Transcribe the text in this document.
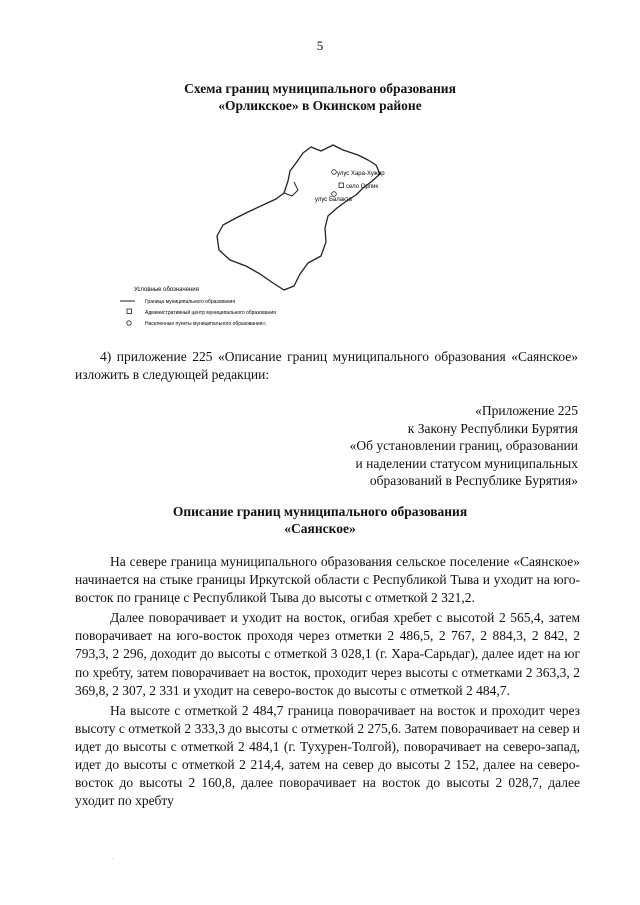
5
Схема границ муниципального образования
«Орликское» в Окинском районе
улус Хара-Хужир
село Орлик
улус Балакта
Условные обозначения
Граница муниципального образования
Административный центр муниципального образования
Населенные пункты муниципального образования»;
4) приложение 225 «Описание границ муниципального образования «Саянское» изложить в следующей редакции:
«Приложение 225
к Закону Республики Бурятия
«Об установлении границ, образовании
и наделении статусом муниципальных
образований в Республике Бурятия»
Описание границ муниципального образования
«Саянское»

На севере граница муниципального образования сельское поселение «Саянское» начинается на стыке границы Иркутской области с Республикой Тыва и уходит на юго-восток по границе с Республикой Тыва до высоты с отметкой 2 321,2.

Далее поворачивает и уходит на восток, огибая хребет с высотой 2 565,4, затем поворачивает на юго-восток проходя через отметки 2 486,5, 2 767, 2 884,3, 2 842, 2 793,3, 2 296, доходит до высоты с отметкой 3 028,1 (г. Хара-Сарьдаг), далее идет на юг по хребту, затем поворачивает на восток, проходит через высоты с отметками 2 363,3, 2 369,8, 2 307, 2 331 и уходит на северо-восток до высоты с отметкой 2 484,7.

На высоте с отметкой 2 484,7 граница поворачивает на восток и проходит через высоту с отметкой 2 333,3 до высоты с отметкой 2 275,6. Затем поворачивает на север и идет до высоты с отметкой 2 484,1 (г. Тухурен-Толгой), поворачивает на северо-запад, идет до высоты с отметкой 2 214,4, затем на север до высоты 2 152, далее на северо-восток до высоты 2 160,8, далее поворачивает на восток до высоты 2 028,7, далее уходит по хребту

.
